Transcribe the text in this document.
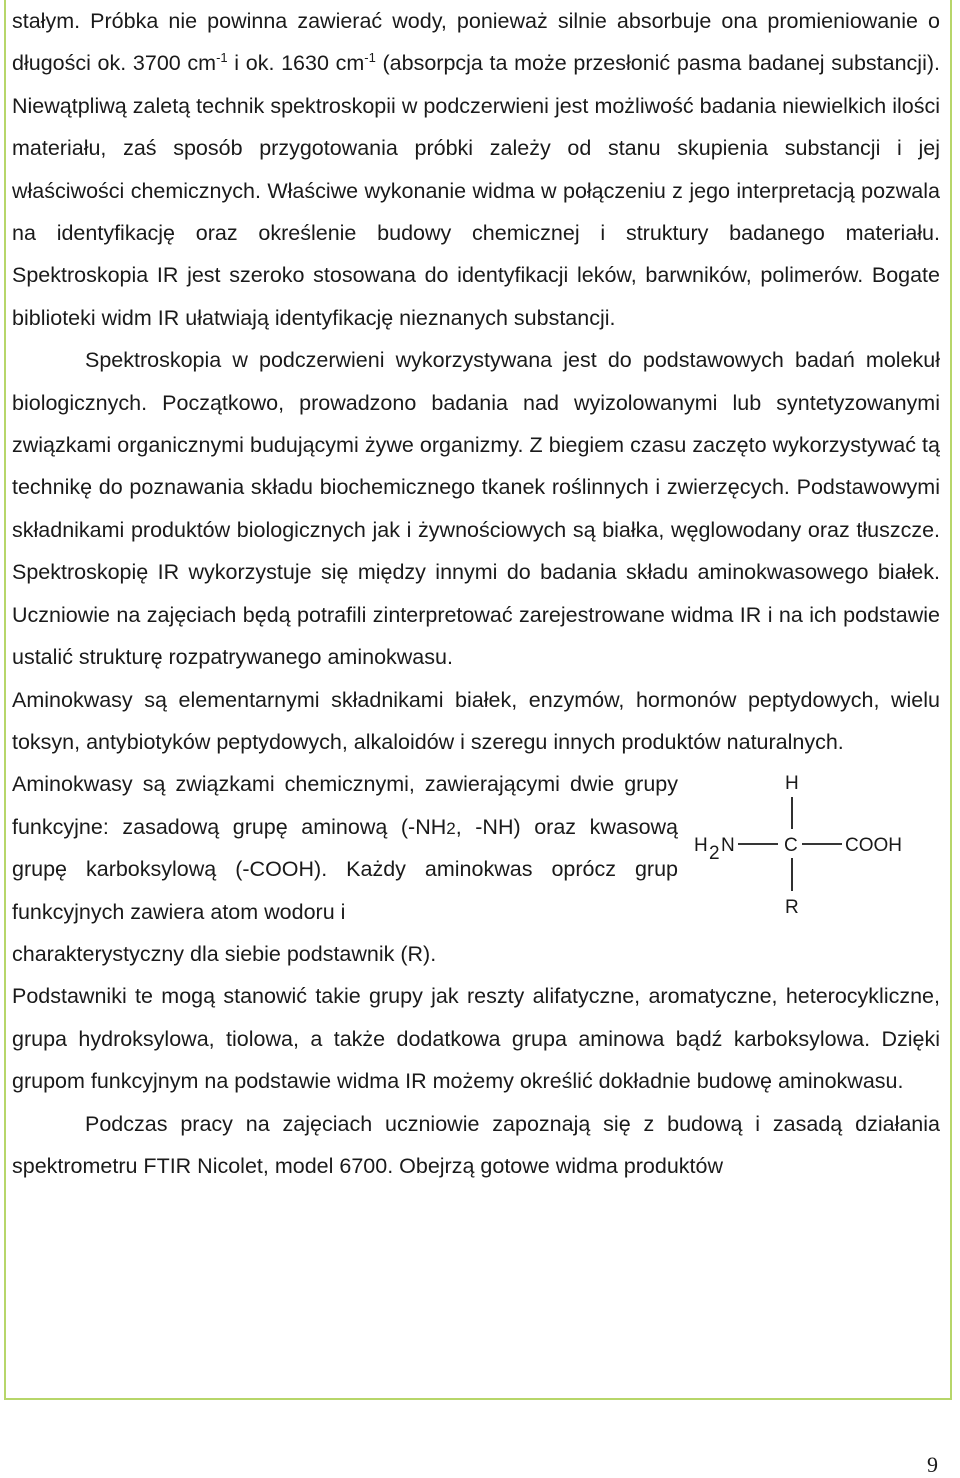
stałym. Próbka nie powinna zawierać wody, ponieważ silnie absorbuje ona promieniowanie o długości ok. 3700 $cm^{-1}$ i ok. 1630 $cm^{-1}$ (absorpcja ta może przesłonić pasma badanej substancji). Niewątpliwą zaletą technik spektroskopii w podczerwieni jest możliwość badania niewielkich ilości materiału, zaś sposób przygotowania próbki zależy od stanu skupienia substancji i jej właściwości chemicznych. Właściwe wykonanie widma w połączeniu z jego interpretacją pozwala na identyfikację oraz określenie budowy chemicznej i struktury badanego materiału. Spektroskopia IR jest szeroko stosowana do identyfikacji leków, barwników, polimerów. Bogate biblioteki widm IR ułatwiają identyfikację nieznanych substancji.

Spektroskopia w podczerwieni wykorzystywana jest do podstawowych badań molekuł biologicznych. Początkowo, prowadzono badania nad wyizolowanymi lub syntetyzowanymi związkami organicznymi budującymi żywe organizmy. Z biegiem czasu zaczęto wykorzystywać tą technikę do poznawania składu biochemicznego tkanek roślinnych i zwierzęcych. Podstawowymi składnikami produktów biologicznych jak i żywnościowych są białka, węglowodany oraz tłuszcze. Spektroskopię IR wykorzystuje się między innymi do badania składu aminokwasowego białek. Uczniowie na zajęciach będą potrafili zinterpretować zarejestrowane widma IR i na ich podstawie ustalić strukturę rozpatrywanego aminokwasu.

Aminokwasy są elementarnymi składnikami białek, enzymów, hormonów peptydowych, wielu toksyn, antybiotyków peptydowych, alkaloidów i szeregu innych produktów naturalnych.

Aminokwasy są związkami chemicznymi, zawierającymi dwie grupy funkcyjne: zasadową grupę aminową (-NH2, -NH) oraz kwasową grupę karboksylową (-COOH). Każdy aminokwas oprócz grup funkcyjnych zawiera atom wodoru i
H
H 2 N	C COOH
R

charakterystyczny dla siebie podstawnik (R).

Podstawniki te mogą stanowić takie grupy jak reszty alifatyczne, aromatyczne, heterocykliczne, grupa hydroksylowa, tiolowa, a także dodatkowa grupa aminowa bądź karboksylowa. Dzięki grupom funkcyjnym na podstawie widma IR możemy określić dokładnie budowę aminokwasu.

Podczas pracy na zajęciach uczniowie zapoznają się z budową i zasadą działania spektrometru FTIR Nicolet, model 6700. Obejrzą gotowe widma produktów

9
